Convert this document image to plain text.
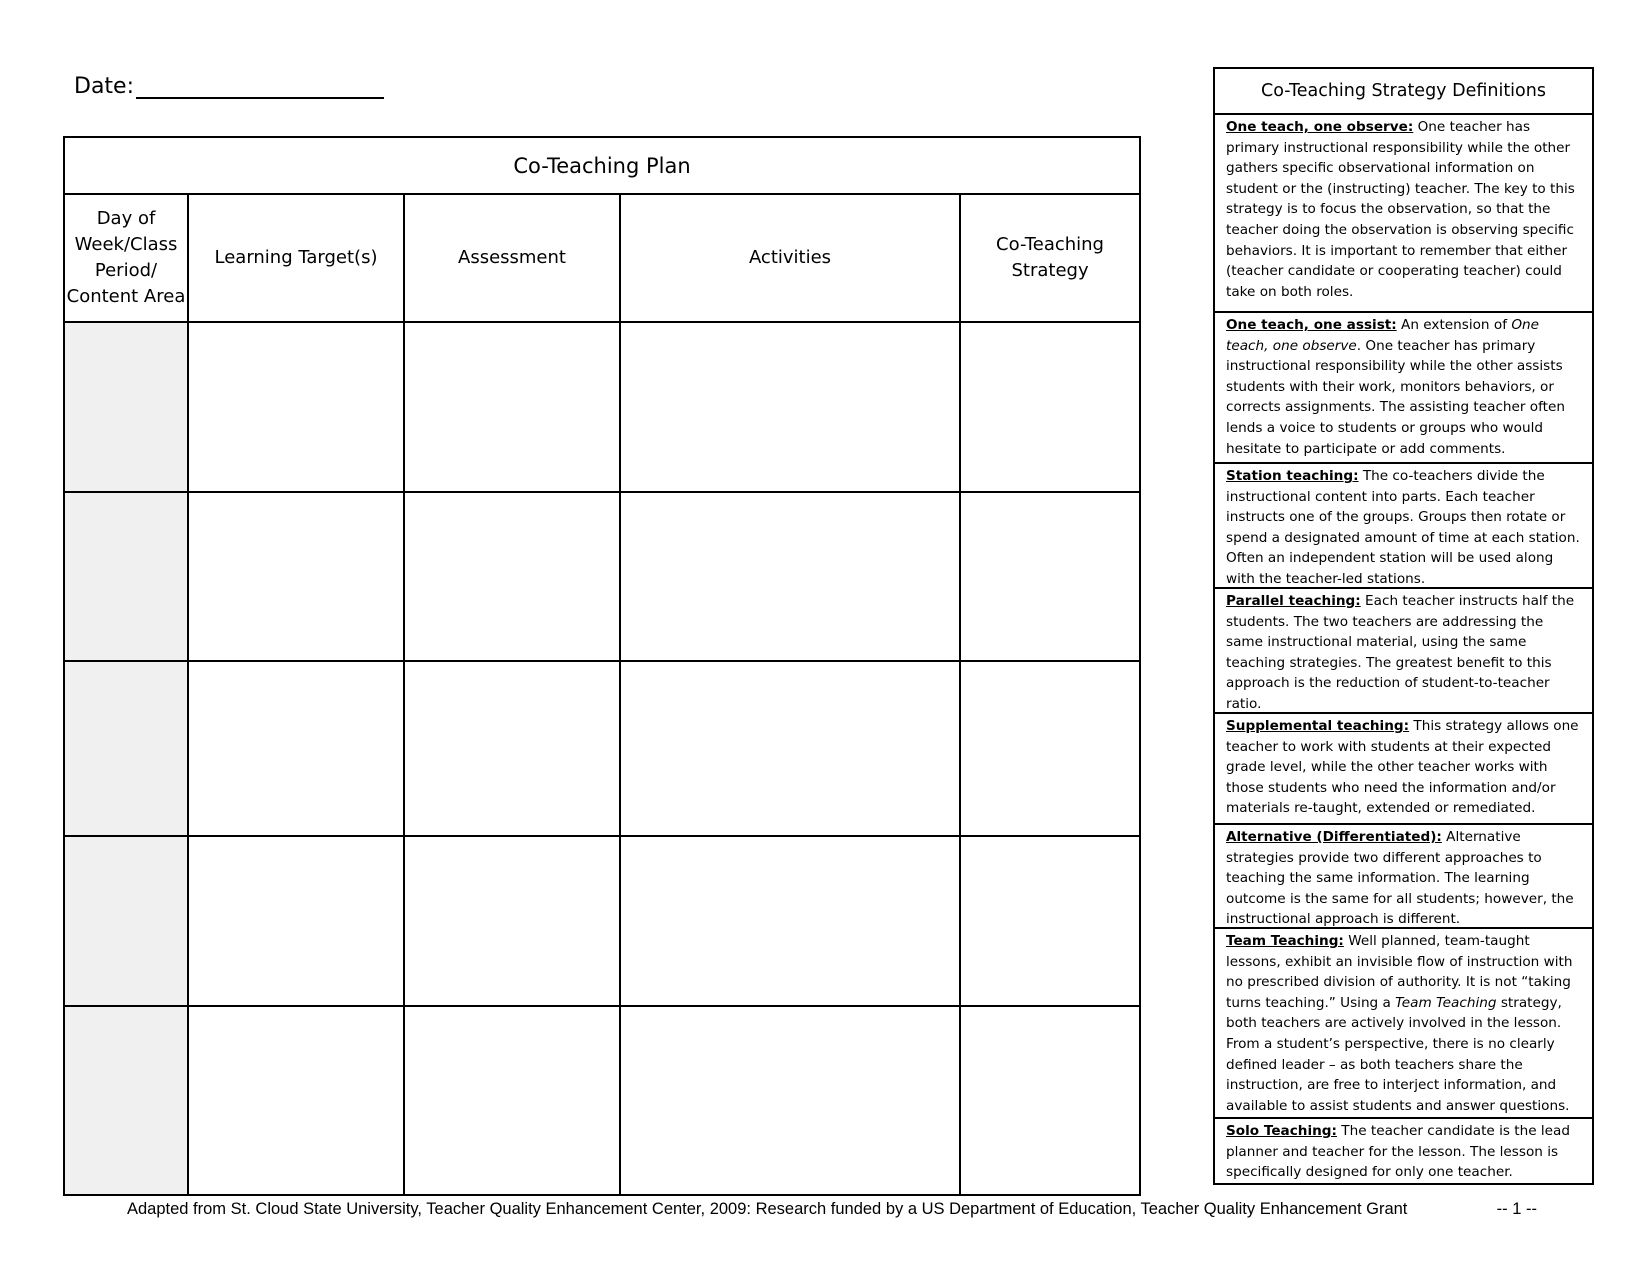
Date:
Co-Teaching Plan				
Day of Week/Class Period/ Content Area	Learning Target(s)	Assessment	Activities	Co-Teaching Strategy

Co-Teaching Strategy Definitions
One teach, one observe: One teacher has primary instructional responsibility while the other gathers specific observational information on student or the (instructing) teacher. The key to this strategy is to focus the observation, so that the teacher doing the observation is observing specific behaviors. It is important to remember that either (teacher candidate or cooperating teacher) could take on both roles.
One teach, one assist: An extension of One teach, one observe. One teacher has primary instructional responsibility while the other assists students with their work, monitors behaviors, or corrects assignments. The assisting teacher often lends a voice to students or groups who would hesitate to participate or add comments.
Station teaching: The co-teachers divide the instructional content into parts. Each teacher instructs one of the groups. Groups then rotate or spend a designated amount of time at each station. Often an independent station will be used along with the teacher-led stations.
Parallel teaching: Each teacher instructs half the students. The two teachers are addressing the same instructional material, using the same teaching strategies. The greatest benefit to this approach is the reduction of student-to-teacher ratio.
Supplemental teaching: This strategy allows one teacher to work with students at their expected grade level, while the other teacher works with those students who need the information and/or materials re-taught, extended or remediated.
Alternative (Differentiated): Alternative strategies provide two different approaches to teaching the same information. The learning outcome is the same for all students; however, the instructional approach is different.
Team Teaching: Well planned, team-taught lessons, exhibit an invisible flow of instruction with no prescribed division of authority. It is not “taking turns teaching.” Using a Team Teaching strategy, both teachers are actively involved in the lesson. From a student’s perspective, there is no clearly defined leader – as both teachers share the instruction, are free to interject information, and available to assist students and answer questions.
Solo Teaching: The teacher candidate is the lead planner and teacher for the lesson. The lesson is specifically designed for only one teacher.
Adapted from St. Cloud State University, Teacher Quality Enhancement Center, 2009: Research funded by a US Department of Education, Teacher Quality Enhancement Grant	-- 1 --
